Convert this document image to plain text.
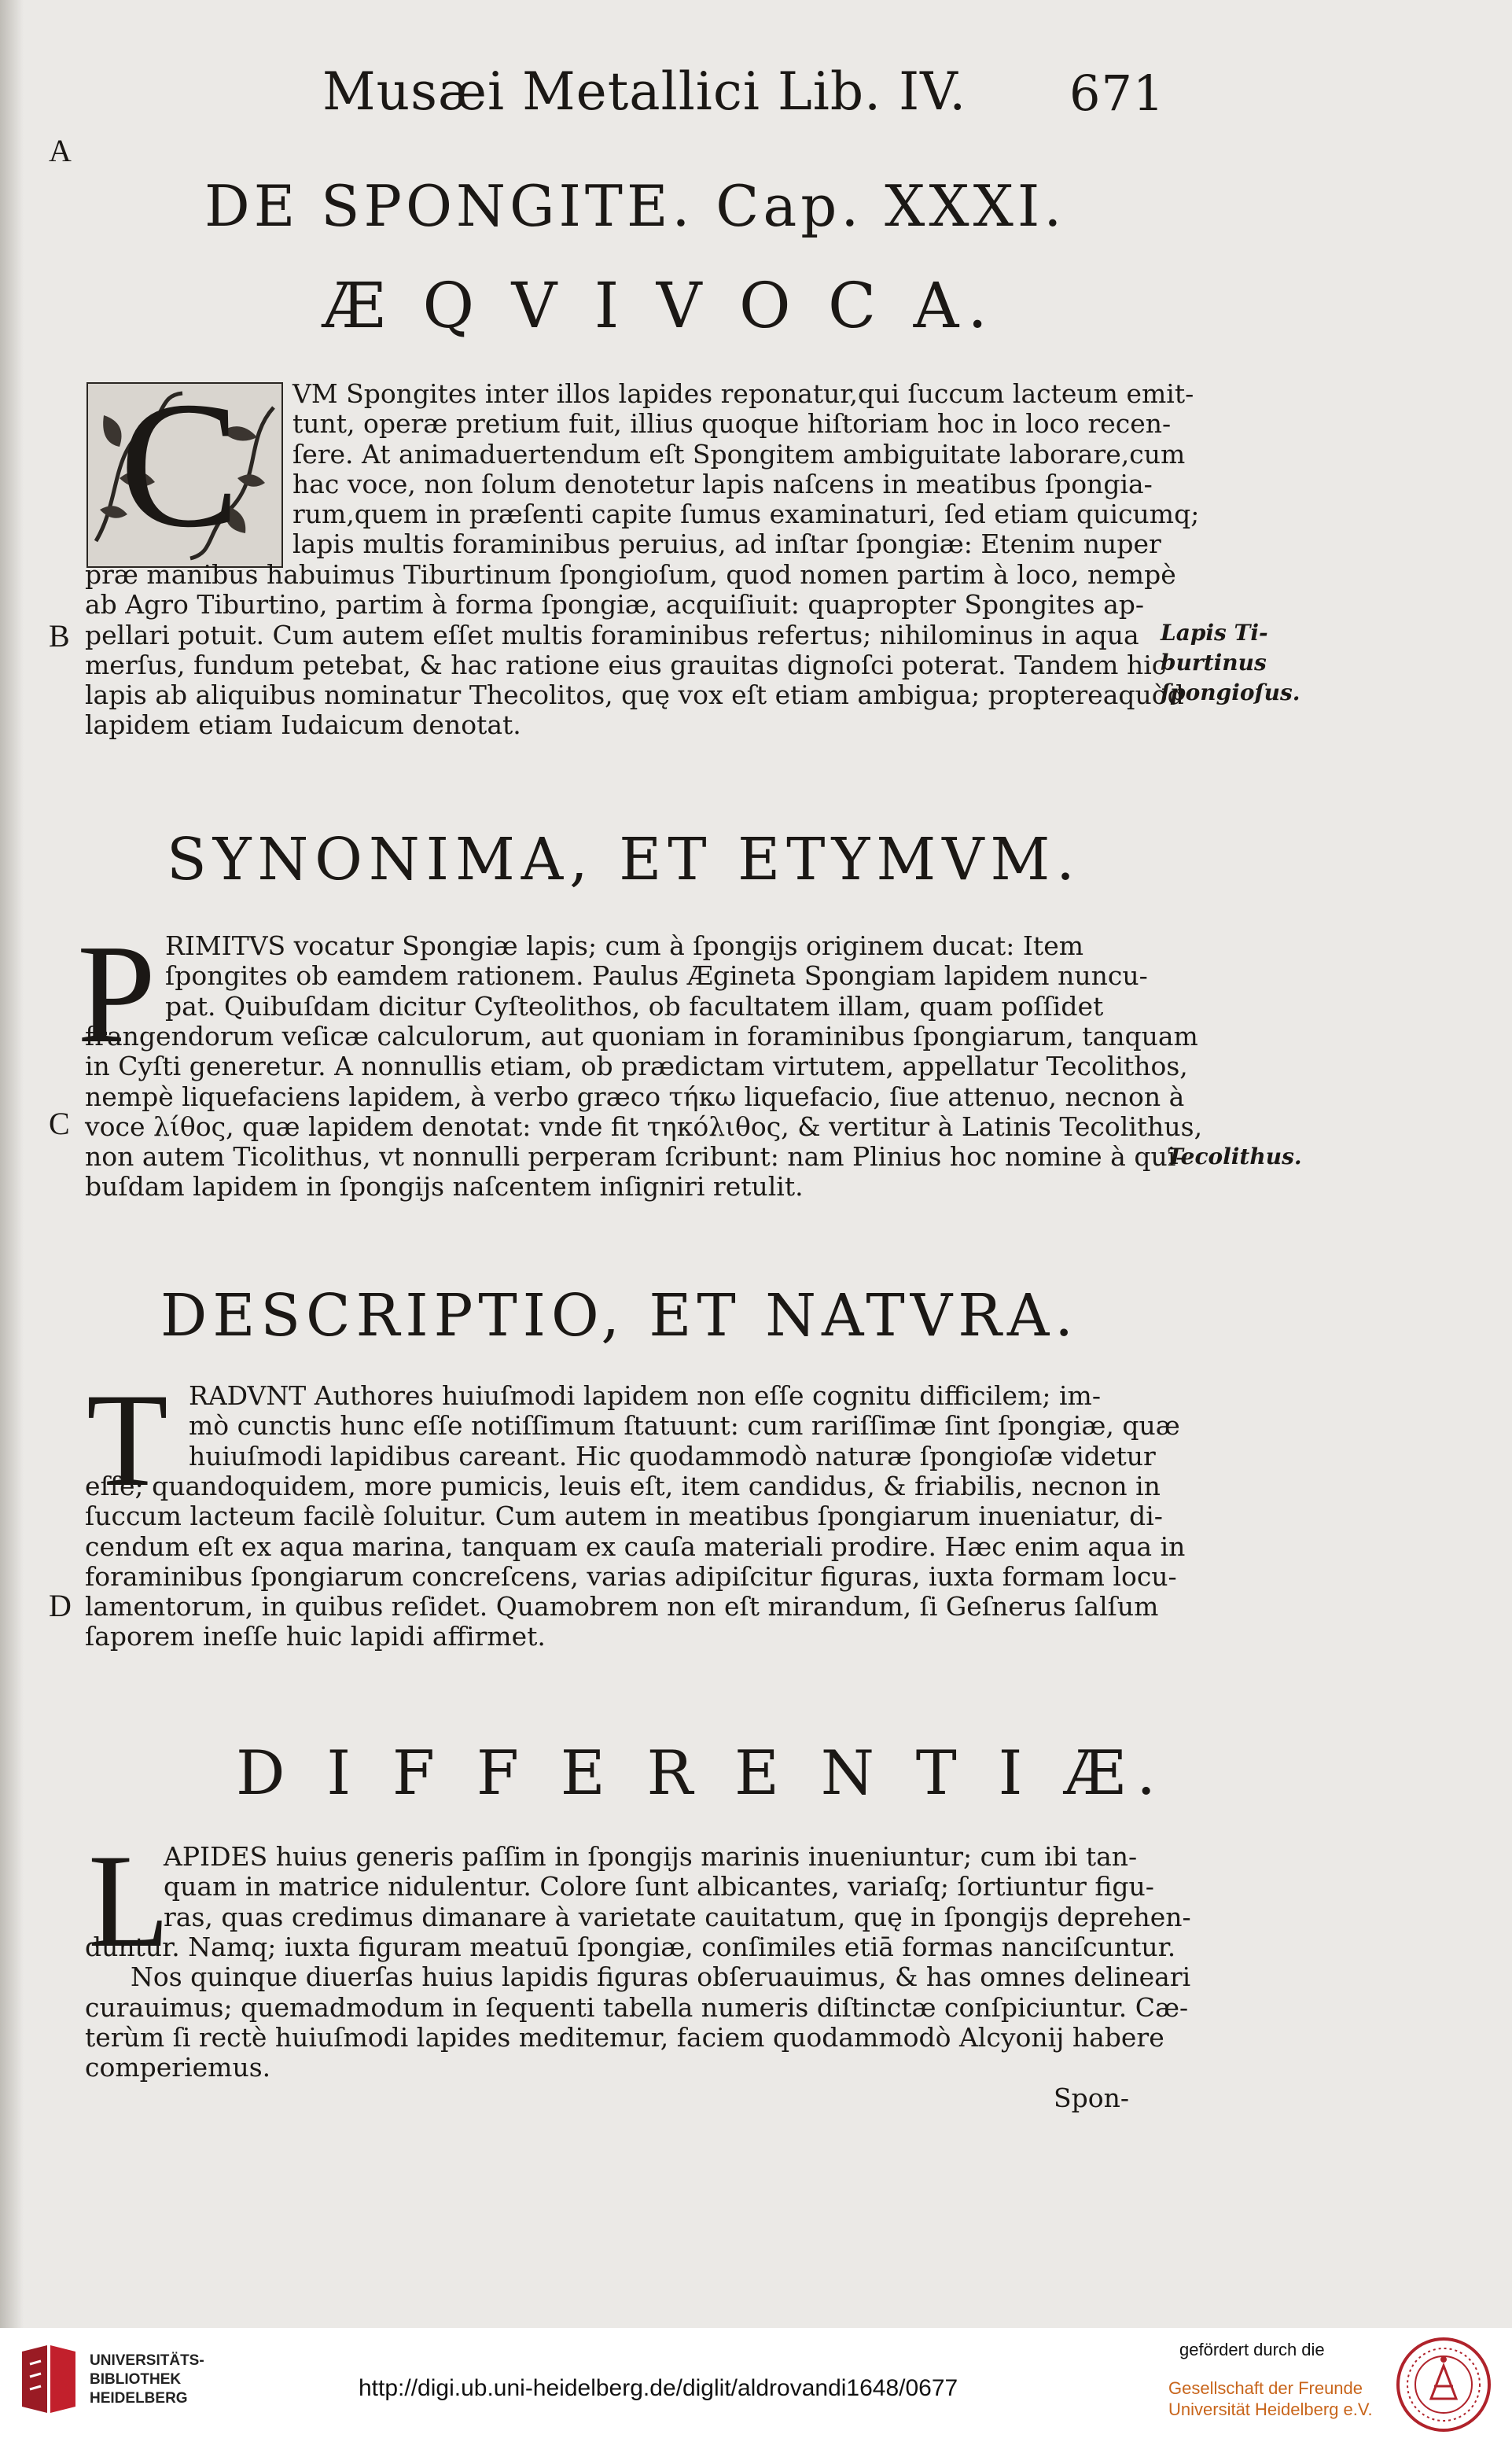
Musæi Metallici Lib. IV. 671
A
B
C
D
DE SPONGITE. Cap. XXXI.
Æ Q V I V O C A.
C VM Spongites inter illos lapides reponatur,qui ſuccum lacteum emit-
tunt, operæ pretium fuit, illius quoque hiſtoriam hoc in loco recen-
ſere. At animaduertendum eſt Spongitem ambiguitate laborare,cum
hac voce, non ſolum denotetur lapis naſcens in meatibus ſpongia-
rum,quem in præſenti capite ſumus examinaturi, ſed etiam quicumq;
lapis multis foraminibus peruius, ad inſtar ſpongiæ: Etenim nuper
præ manibus habuimus Tiburtinum ſpongioſum, quod nomen partim à loco, nempè
ab Agro Tiburtino, partim à forma ſpongiæ, acquiſiuit: quapropter Spongites ap-
pellari potuit. Cum autem eſſet multis foraminibus refertus; nihilominus in aqua
merſus, fundum petebat, & hac ratione eius grauitas dignoſci poterat. Tandem hic
lapis ab aliquibus nominatur Thecolitos, quę vox eſt etiam ambigua; proptereaquòd
lapidem etiam Iudaicum denotat.
Lapis Ti-
burtinus
ſpongioſus.
SYNONIMA, ET ETYMVM.
P RIMITVS vocatur Spongiæ lapis; cum à ſpongijs originem ducat: Item
ſpongites ob eamdem rationem. Paulus Ægineta Spongiam lapidem nuncu-
pat. Quibuſdam dicitur Cyſteolithos, ob facultatem illam, quam poſſidet
frangendorum veſicæ calculorum, aut quoniam in foraminibus ſpongiarum, tanquam
in Cyſti generetur. A nonnullis etiam, ob prædictam virtutem, appellatur Tecolithos,
nempè liquefaciens lapidem, à verbo græco τήκω liquefacio, ſiue attenuo, necnon à
voce λίθος, quæ lapidem denotat: vnde fit τηκόλιθος, & vertitur à Latinis Tecolithus,
non autem Ticolithus, vt nonnulli perperam ſcribunt: nam Plinius hoc nomine à qui-
buſdam lapidem in ſpongijs naſcentem inſigniri retulit.
Tecolithus.
DESCRIPTIO, ET NATVRA.
T RADVNT Authores huiuſmodi lapidem non eſſe cognitu difficilem; im-
mò cunctis hunc eſſe notiſſimum ſtatuunt: cum rariſſimæ ſint ſpongiæ, quæ
huiuſmodi lapidibus careant. Hic quodammodò naturæ ſpongioſæ videtur
eſſe; quandoquidem, more pumicis, leuis eſt, item candidus, & friabilis, necnon in
ſuccum lacteum facilè ſoluitur. Cum autem in meatibus ſpongiarum inueniatur, di-
cendum eſt ex aqua marina, tanquam ex cauſa materiali prodire. Hæc enim aqua in
foraminibus ſpongiarum concreſcens, varias adipiſcitur figuras, iuxta formam locu-
lamentorum, in quibus reſidet. Quamobrem non eſt mirandum, ſi Geſnerus ſalſum
ſaporem ineſſe huic lapidi affirmet.
D I F F E R E N T I Æ.
L
APIDES huius generis paſſim in ſpongijs marinis inueniuntur; cum ibi tan-
quam in matrice nidulentur. Colore ſunt albicantes, variaſq; ſortiuntur figu-
ras, quas credimus dimanare à varietate cauitatum, quę in ſpongijs deprehen-
duntur. Namq; iuxta figuram meatuū ſpongiæ, conſimiles etiā formas nanciſcuntur.
Nos quinque diuerſas huius lapidis figuras obſeruauimus, & has omnes delineari
curauimus; quemadmodum in ſequenti tabella numeris diſtinctæ conſpiciuntur. Cæ-
terùm ſi rectè huiuſmodi lapides meditemur, faciem quodammodò Alcyonij habere
comperiemus.
Spon-
UNIVERSITÄTS-
BIBLIOTHEK
HEIDELBERG	http://digi.ub.uni-heidelberg.de/diglit/aldrovandi1648/0677
gefördert durch die
Gesellschaft der Freunde
Universität Heidelberg e.V.
